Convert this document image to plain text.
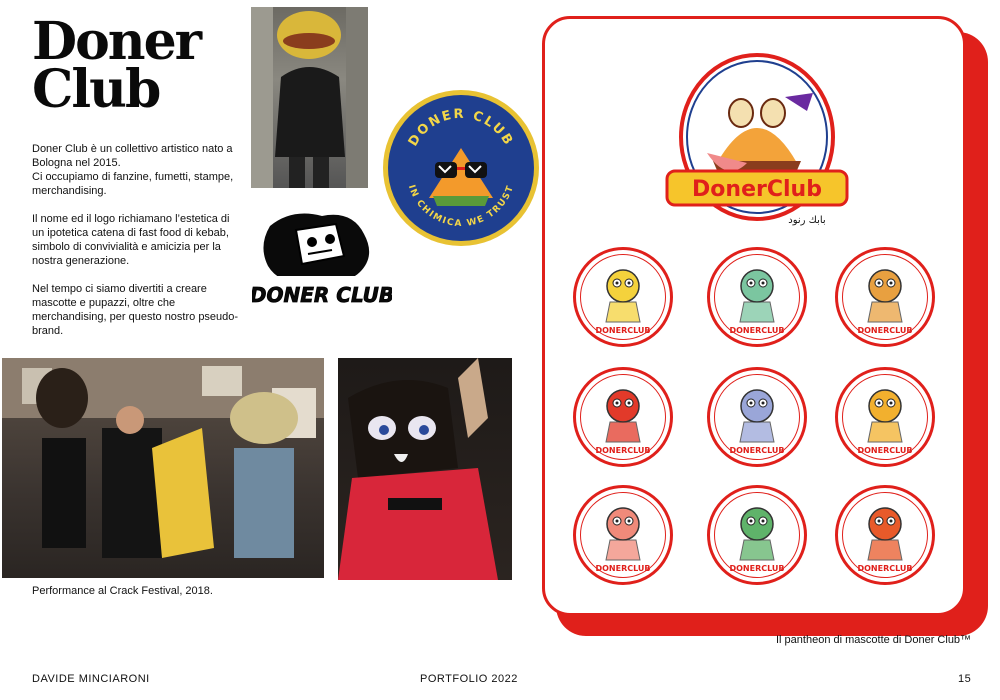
Doner Club

Doner Club è un collettivo artistico nato a Bologna nel 2015.
Ci occupiamo di fanzine, fumetti, stampe, merchandising.

Il nome ed il logo richiamano l’estetica di un ipotetica catena di fast food di kebab, simbolo di convivialità e amicizia per la nostra generazione.

Nel tempo ci siamo divertiti a creare mascotte e pupazzi, oltre che merchandising, per questo nostro pseudo-brand.

DONER CLUB
IN CHIMICA WE TRUST
DONER CLUB
Performance al Crack Festival, 2018.
DonerClub
بابك رنود
DONERCLUB	DONERCLUB	DONERCLUB
DONERCLUB	DONERCLUB	DONERCLUB
DONERCLUB	DONERCLUB	DONERCLUB
Il pantheon di mascotte di Doner Club™
DAVIDE MINCIARONI	PORTFOLIO 2022	15
